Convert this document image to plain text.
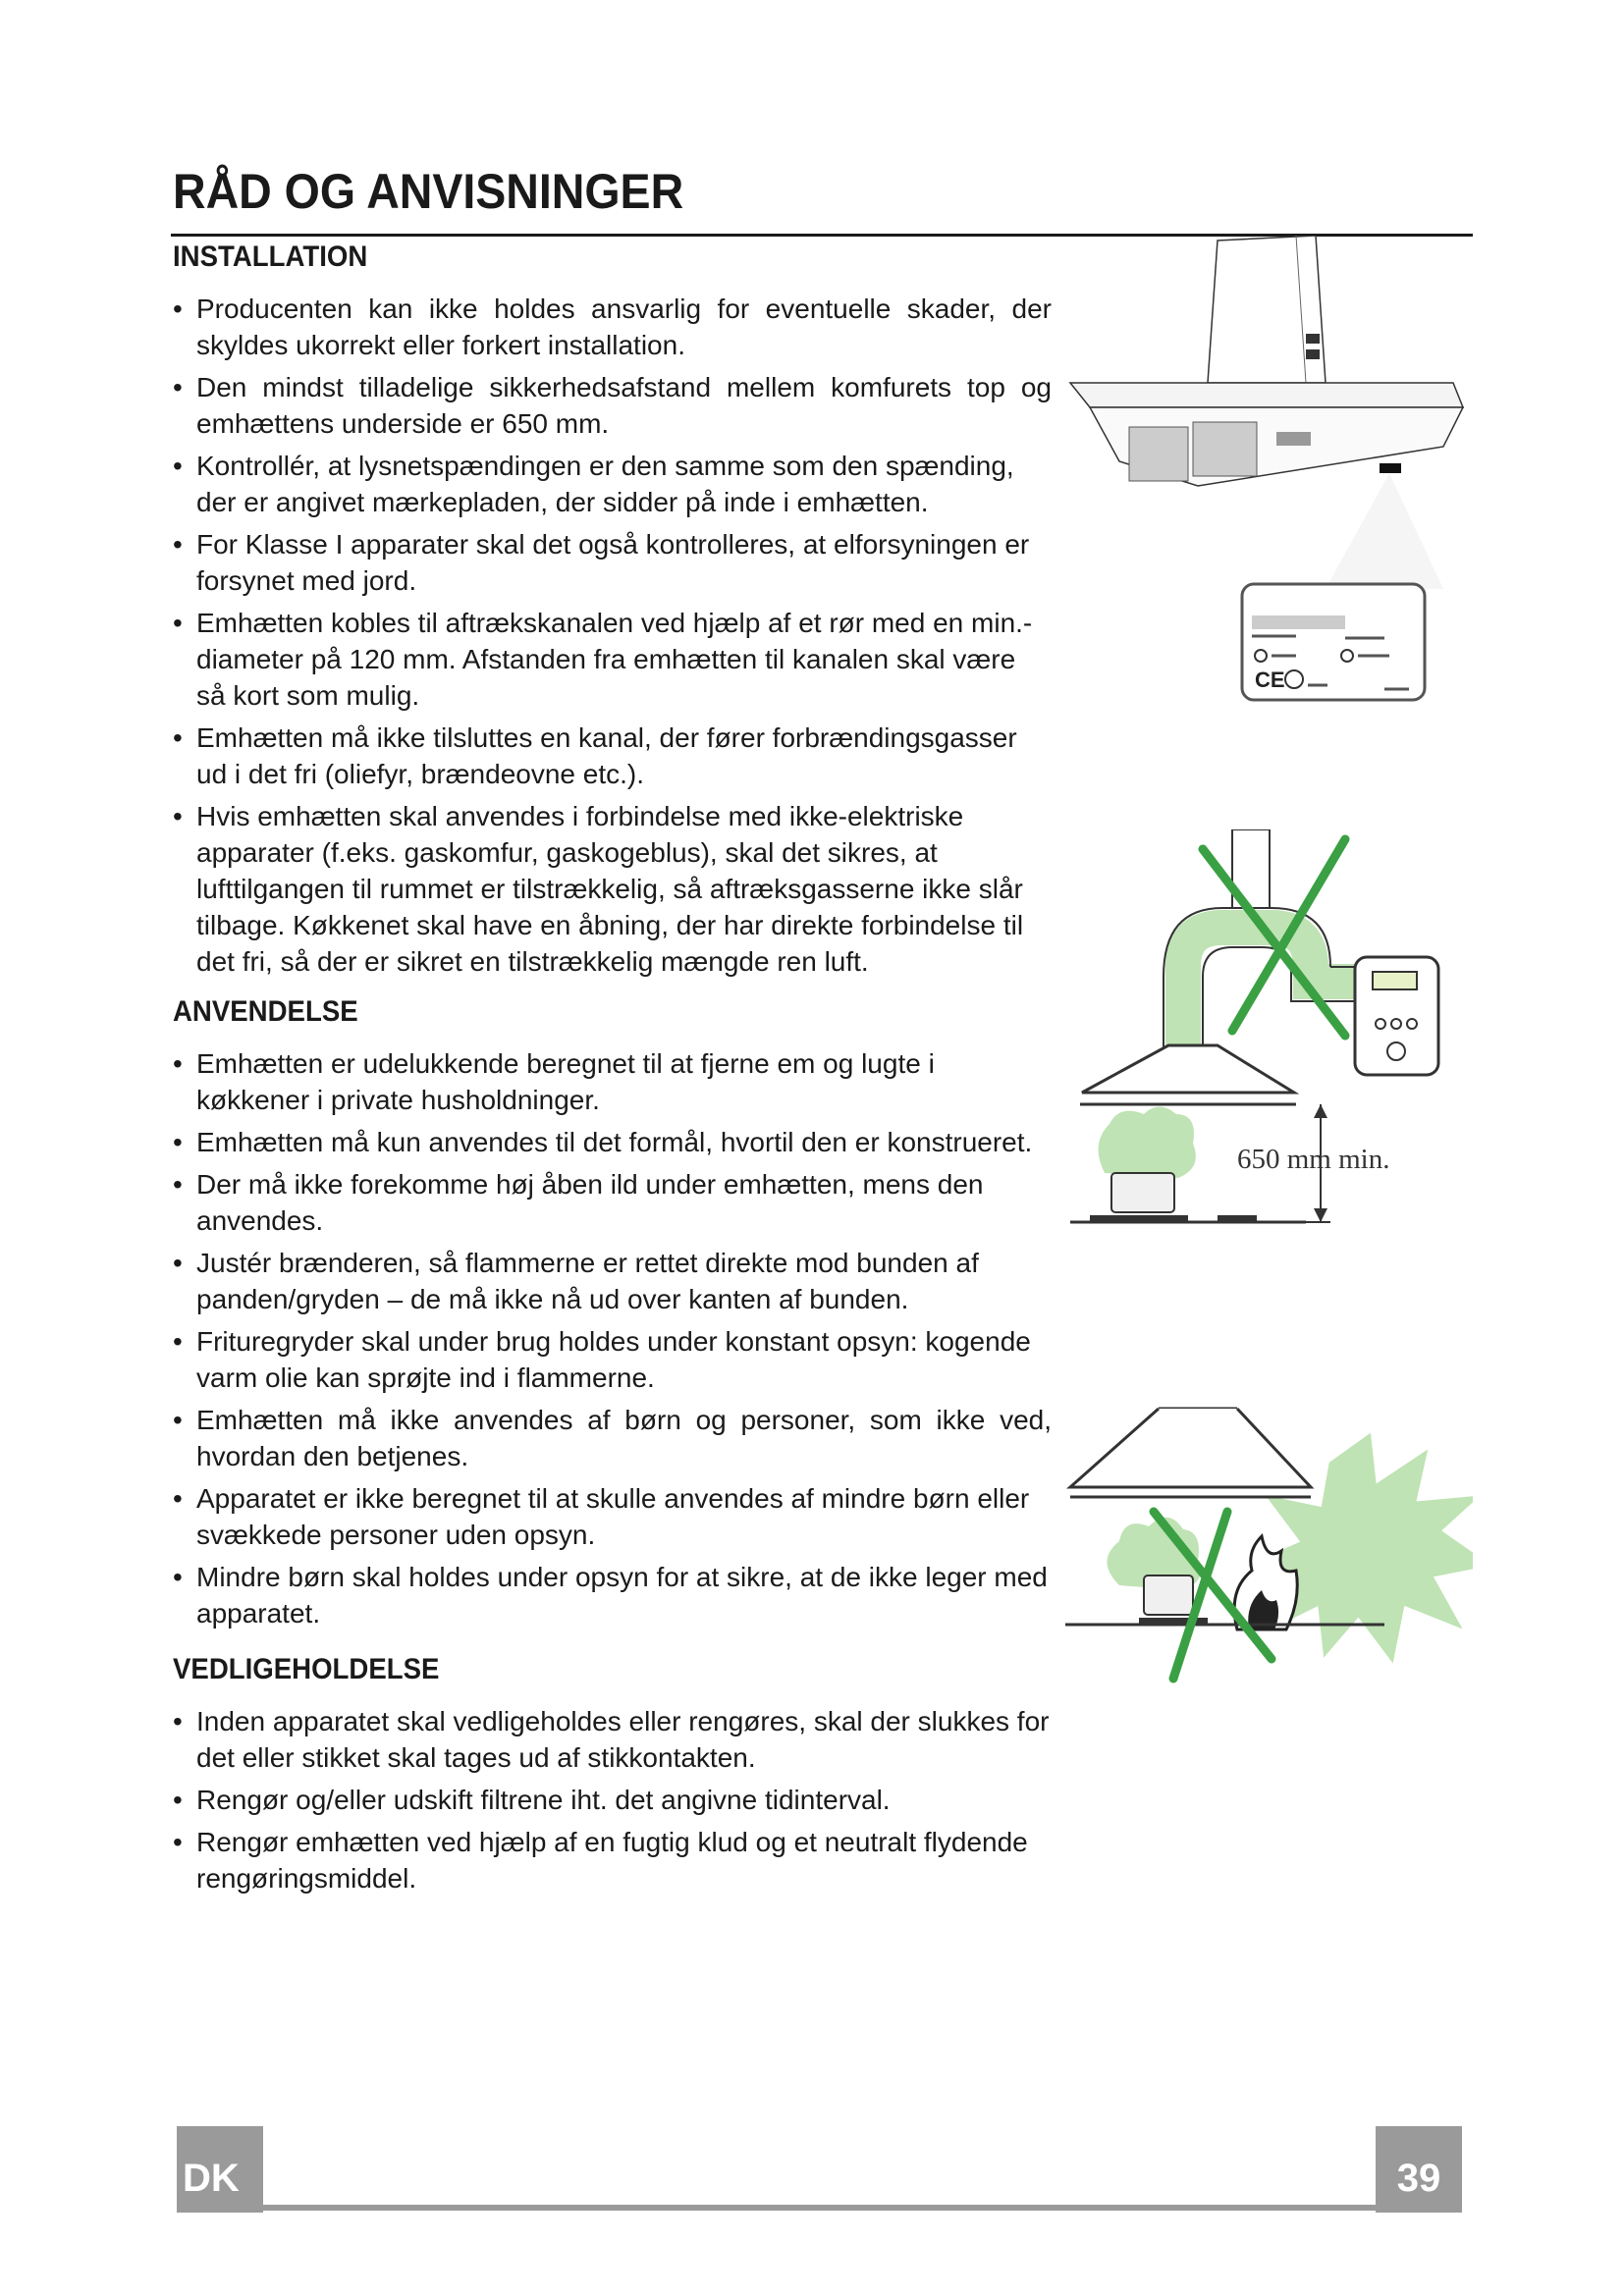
RÅD OG ANVISNINGER
INSTALLATION
• Producenten kan ikke holdes ansvarlig for eventuelle skader, der skyldes ukorrekt eller forkert installation.
• Den mindst tilladelige sikkerhedsafstand mellem komfurets top og emhættens underside er 650 mm.
• Kontrollér, at lysnetspændingen er den samme som den spænding, der er angivet mærkepladen, der sidder på inde i emhætten.
• For Klasse I apparater skal det også kontrolleres, at elforsyningen er forsynet med jord.
• Emhætten kobles til aftrækskanalen ved hjælp af et rør med en min.-diameter på 120 mm. Afstanden fra emhætten til kanalen skal være så kort som mulig.
• Emhætten må ikke tilsluttes en kanal, der fører forbrændingsgasser ud i det fri (oliefyr, brændeovne etc.).
• Hvis emhætten skal anvendes i forbindelse med ikke-elektriske apparater (f.eks. gaskomfur, gaskogeblus), skal det sikres, at lufttilgangen til rummet er tilstrækkelig, så aftræksgasserne ikke slår tilbage. Køkkenet skal have en åbning, der har direkte forbindelse til det fri, så der er sikret en tilstrækkelig mængde ren luft.
ANVENDELSE
• Emhætten er udelukkende beregnet til at fjerne em og lugte i køkkener i private husholdninger.
• Emhætten må kun anvendes til det formål, hvortil den er konstrueret.
• Der må ikke forekomme høj åben ild under emhætten, mens den anvendes.
• Justér brænderen, så flammerne er rettet direkte mod bunden af panden/gryden – de må ikke nå ud over kanten af bunden.
• Frituregryder skal under brug holdes under konstant opsyn: kogende varm olie kan sprøjte ind i flammerne.
• Emhætten må ikke anvendes af børn og personer, som ikke ved, hvordan den betjenes.
• Apparatet er ikke beregnet til at skulle anvendes af mindre børn eller svækkede personer uden opsyn.
• Mindre børn skal holdes under opsyn for at sikre, at de ikke leger med apparatet.
VEDLIGEHOLDELSE
• Inden apparatet skal vedligeholdes eller rengøres, skal der slukkes for det eller stikket skal tages ud af stikkontakten.
• Rengør og/eller udskift filtrene iht. det angivne tidinterval.
• Rengør emhætten ved hjælp af en fugtig klud og et neutralt flydende rengøringsmiddel.
CE
650 mm min.
DK	39
